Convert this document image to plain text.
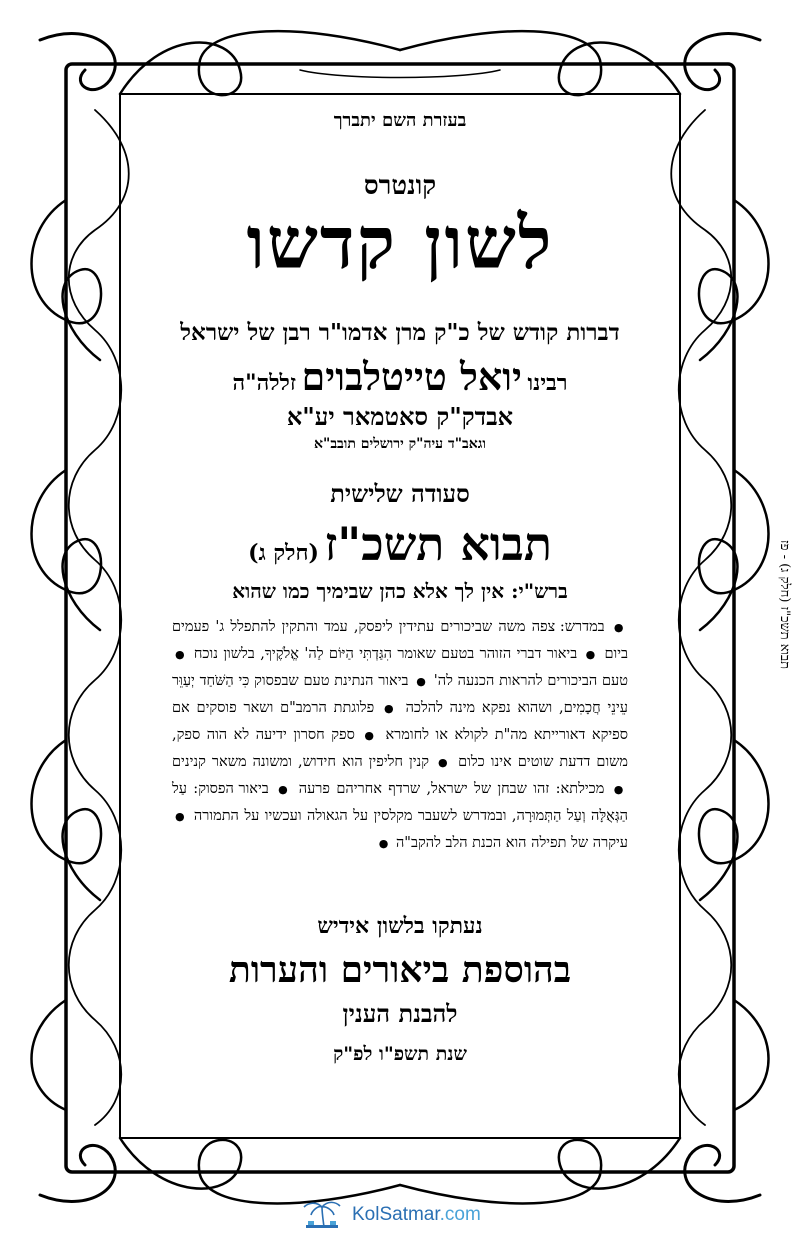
בעזרת השם יתברך
קונטרס
לשון קדשו
דברות קודש של כ"ק מרן אדמו"ר רבן של ישראל
רבינו יואל טייטלבוים זללה"ה
אבדק"ק סאטמאר יע"א
וגאב"ד עיה"ק ירושלים תובב"א
סעודה שלישית
תבוא תשכ"ז (חלק ג)
ברש"י: אין לך אלא כהן שבימיך כמו שהוא
● במדרש: צפה משה שביכורים עתידין ליפסק, עמד והתקין להתפלל ג' פעמים ביום ● ביאור דברי הזוהר בטעם שאומר הִגַּדְתִּי הַיּוֹם לַה' אֱלֹקֶיךָ, בלשון נוכח ● טעם הביכורים להראות הכנעה לה' ● ביאור הנתינת טעם שבפסוק כִּי הַשֹּׁחַד יְעַוֵּר עֵינֵי חֲכָמִים, ושהוא נפקא מינה להלכה ● פלוגתת הרמב"ם ושאר פוסקים אם ספיקא דאורייתא מה"ת לקולא או לחומרא ● ספק חסרון ידיעה לא הוה ספק, משום דדעת שוטים אינו כלום ● קנין חליפין הוא חידוש, ומשונה משאר קנינים ● מכילתא: זהו שבחן של ישראל, שרדף אחריהם פרעה ● ביאור הפסוק: עַל הַגְּאֻלָּה וְעַל הַתְּמוּרָה, ובמדרש לשעבר מקלסין על הגאולה ועכשיו על התמורה ● עיקרה של תפילה הוא הכנת הלב להקב"ה ●
נעתקו בלשון אידיש
בהוספת ביאורים והערות
להבנת הענין
שנת תשפ"ו לפ"ק
תבוא תשכ"ז (חלק ג) - פז
KolSatmar.com
